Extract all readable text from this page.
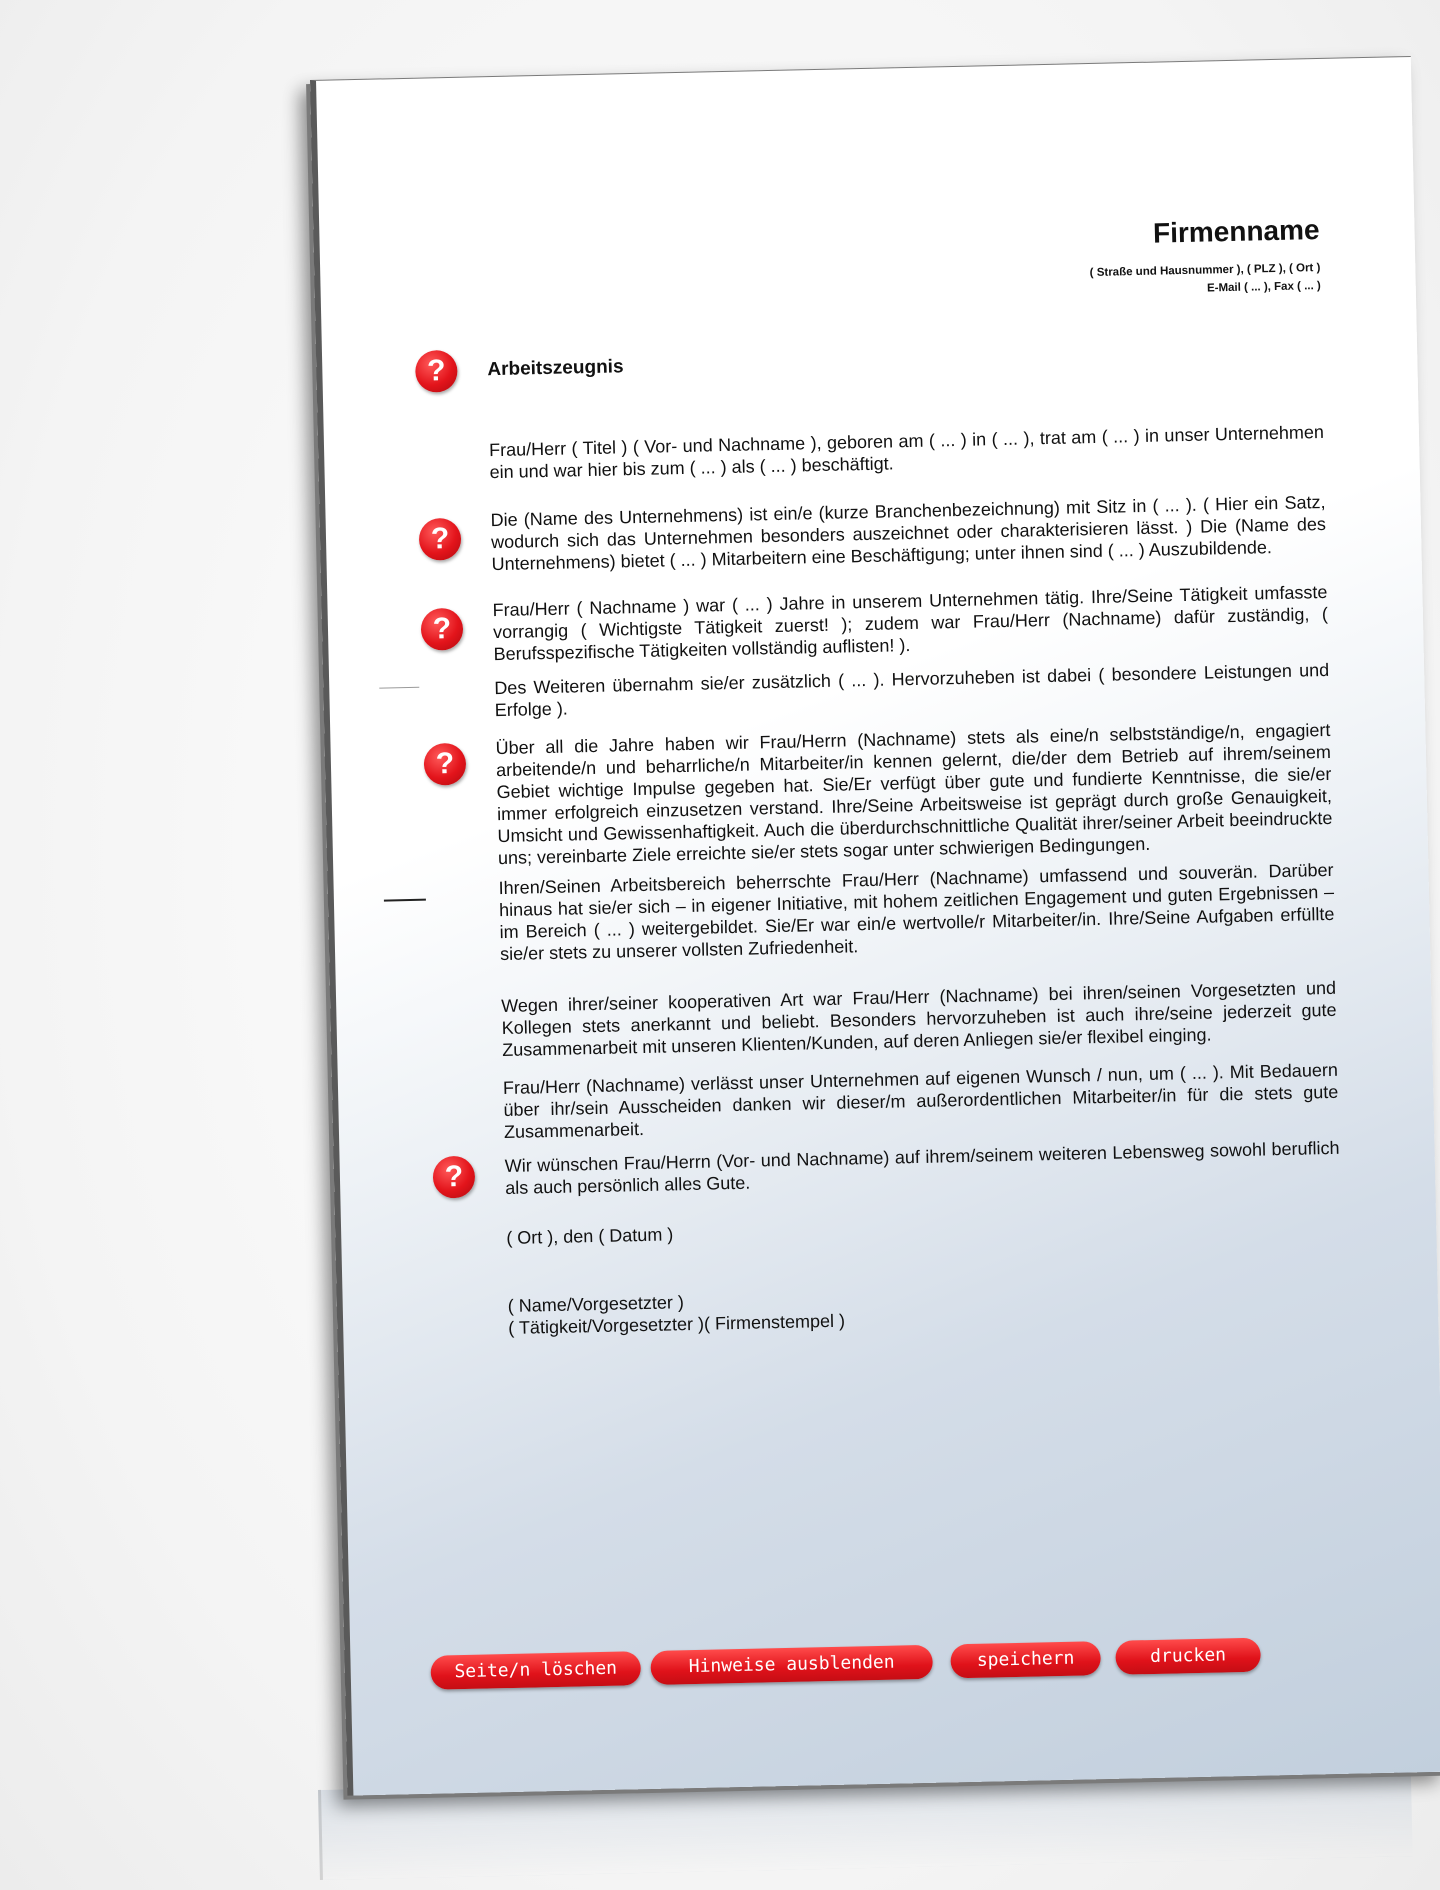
Firmenname
( Straße und Hausnummer ), ( PLZ ), ( Ort )
E-Mail ( ... ), Fax ( ... )
?	Arbeitszeugnis
Frau/Herr ( Titel ) ( Vor- und Nachname ), geboren am ( ... ) in ( ... ), trat am ( ... ) in unser Unternehmen ein und war hier bis zum ( ... ) als ( ... ) beschäftigt.
?
Die (Name des Unternehmens) ist ein/e (kurze Branchenbezeichnung) mit Sitz in ( ... ). ( Hier ein Satz, wodurch sich das Unternehmen besonders auszeichnet oder charakterisieren lässt. ) Die (Name des Unternehmens) bietet ( ... ) Mitarbeitern eine Beschäftigung; unter ihnen sind ( ... ) Auszubildende.
?
Frau/Herr ( Nachname ) war ( ... ) Jahre in unserem Unternehmen tätig. Ihre/Seine Tätigkeit umfasste vorrangig ( Wichtigste Tätigkeit zuerst! ); zudem war Frau/Herr (Nachname) dafür zuständig, ( Berufsspezifische Tätigkeiten vollständig auflisten! ).
Des Weiteren übernahm sie/er zusätzlich ( ... ). Hervorzuheben ist dabei ( besondere Leistungen und Erfolge ).
?
Über all die Jahre haben wir Frau/Herrn (Nachname) stets als eine/n selbstständige/n, engagiert arbeitende/n und beharrliche/n Mitarbeiter/in kennen gelernt, die/der dem Betrieb auf ihrem/seinem Gebiet wichtige Impulse gegeben hat. Sie/Er verfügt über gute und fundierte Kenntnisse, die sie/er immer erfolgreich einzusetzen verstand. Ihre/Seine Arbeitsweise ist geprägt durch große Genauigkeit, Umsicht und Gewissenhaftigkeit. Auch die überdurchschnittliche Qualität ihrer/seiner Arbeit beeindruckte uns; vereinbarte Ziele erreichte sie/er stets sogar unter schwierigen Bedingungen.
Ihren/Seinen Arbeitsbereich beherrschte Frau/Herr (Nachname) umfassend und souverän. Darüber hinaus hat sie/er sich – in eigener Initiative, mit hohem zeitlichen Engagement und guten Ergebnissen – im Bereich ( ... ) weitergebildet. Sie/Er war ein/e wertvolle/r Mitarbeiter/in. Ihre/Seine Aufgaben erfüllte sie/er stets zu unserer vollsten Zufriedenheit.
Wegen ihrer/seiner kooperativen Art war Frau/Herr (Nachname) bei ihren/seinen Vorgesetzten und Kollegen stets anerkannt und beliebt. Besonders hervorzuheben ist auch ihre/seine jederzeit gute Zusammenarbeit mit unseren Klienten/Kunden, auf deren Anliegen sie/er flexibel einging.
Frau/Herr (Nachname) verlässt unser Unternehmen auf eigenen Wunsch / nun, um ( ... ). Mit Bedauern über ihr/sein Ausscheiden danken wir dieser/m außerordentlichen Mitarbeiter/in für die stets gute Zusammenarbeit.
?
Wir wünschen Frau/Herrn (Vor- und Nachname) auf ihrem/seinem weiteren Lebensweg sowohl beruflich als auch persönlich alles Gute.
( Ort ), den ( Datum )
( Name/Vorgesetzter )
( Tätigkeit/Vorgesetzter )( Firmenstempel )
Seite/n löschen	Hinweise ausblenden	speichern	drucken
